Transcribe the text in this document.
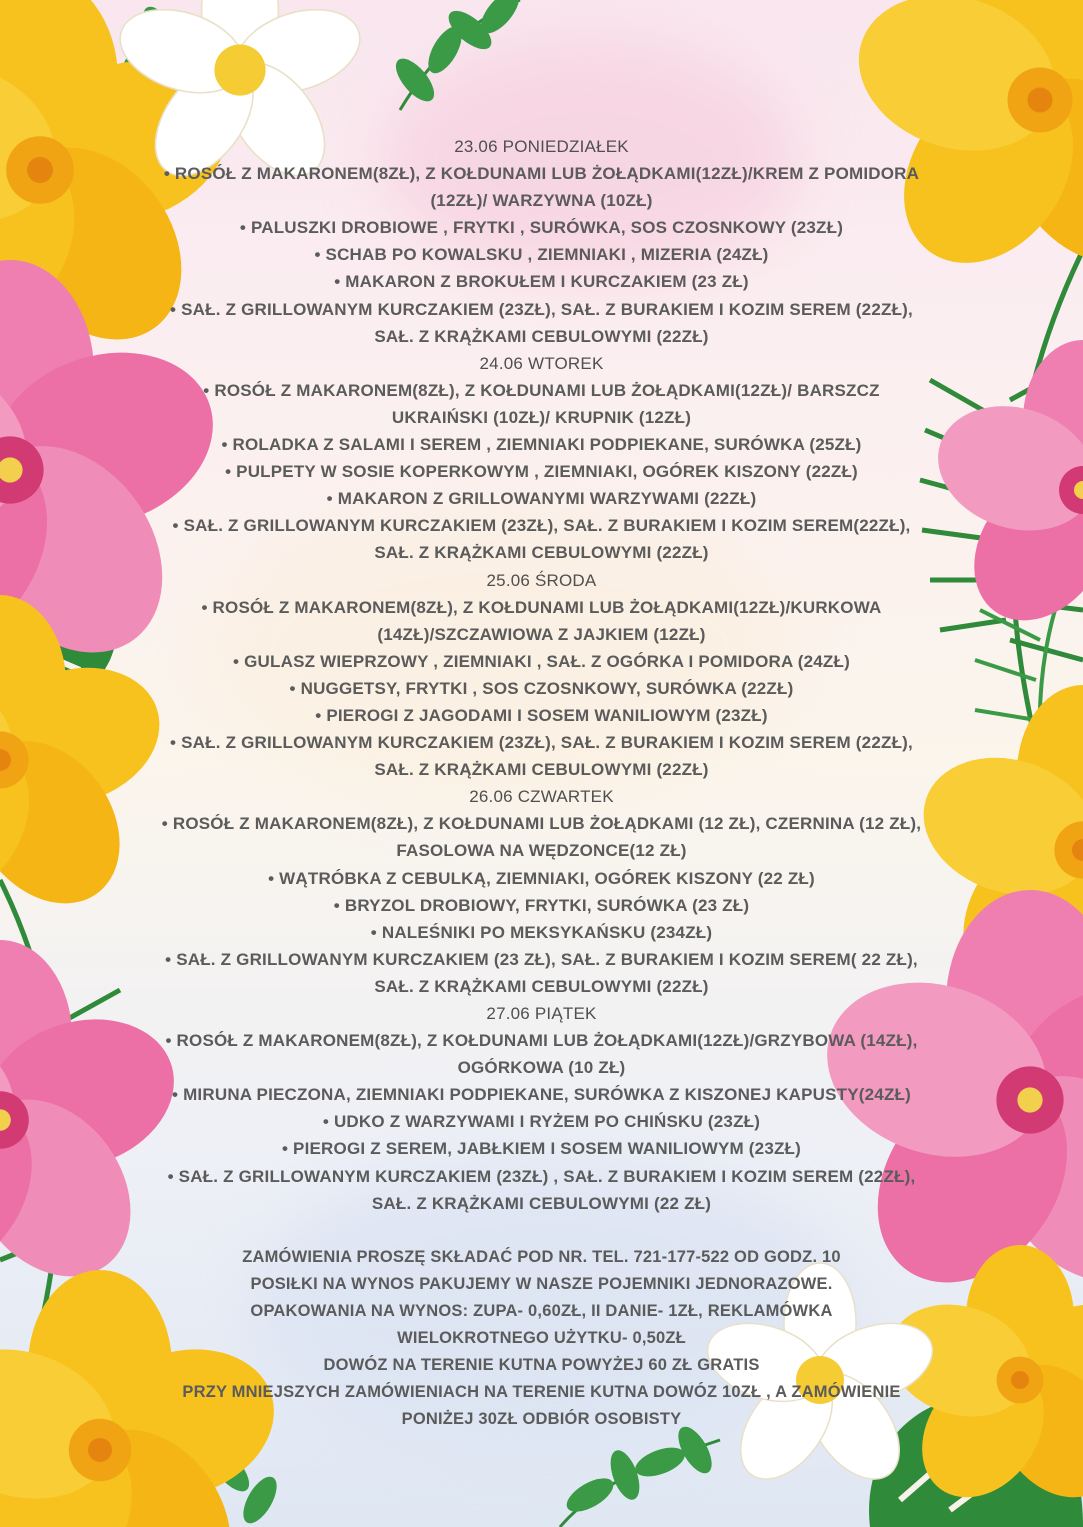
23.06 PONIEDZIAŁEK
• ROSÓŁ Z MAKARONEM(8ZŁ), Z KOŁDUNAMI LUB ŻOŁĄDKAMI(12ZŁ)/KREM Z POMIDORA
(12ZŁ)/ WARZYWNA (10ZŁ)
• PALUSZKI DROBIOWE , FRYTKI , SURÓWKA, SOS CZOSNKOWY (23ZŁ)
• SCHAB PO KOWALSKU , ZIEMNIAKI , MIZERIA (24ZŁ)
• MAKARON Z BROKUŁEM I KURCZAKIEM (23 ZŁ)
• SAŁ. Z GRILLOWANYM KURCZAKIEM (23ZŁ), SAŁ. Z BURAKIEM I KOZIM SEREM (22ZŁ),
SAŁ. Z KRĄŻKAMI CEBULOWYMI (22ZŁ)
24.06 WTOREK
• ROSÓŁ Z MAKARONEM(8ZŁ), Z KOŁDUNAMI LUB ŻOŁĄDKAMI(12ZŁ)/ BARSZCZ
UKRAIŃSKI (10ZŁ)/ KRUPNIK (12ZŁ)
• ROLADKA Z SALAMI I SEREM , ZIEMNIAKI PODPIEKANE, SURÓWKA (25ZŁ)
• PULPETY W SOSIE KOPERKOWYM , ZIEMNIAKI, OGÓREK KISZONY (22ZŁ)
• MAKARON Z GRILLOWANYMI WARZYWAMI (22ZŁ)
• SAŁ. Z GRILLOWANYM KURCZAKIEM (23ZŁ), SAŁ. Z BURAKIEM I KOZIM SEREM(22ZŁ),
SAŁ. Z KRĄŻKAMI CEBULOWYMI (22ZŁ)
25.06 ŚRODA
• ROSÓŁ Z MAKARONEM(8ZŁ), Z KOŁDUNAMI LUB ŻOŁĄDKAMI(12ZŁ)/KURKOWA
(14ZŁ)/SZCZAWIOWA Z JAJKIEM (12ZŁ)
• GULASZ WIEPRZOWY , ZIEMNIAKI , SAŁ. Z OGÓRKA I POMIDORA (24ZŁ)
• NUGGETSY, FRYTKI , SOS CZOSNKOWY, SURÓWKA (22ZŁ)
• PIEROGI Z JAGODAMI I SOSEM WANILIOWYM (23ZŁ)
• SAŁ. Z GRILLOWANYM KURCZAKIEM (23ZŁ), SAŁ. Z BURAKIEM I KOZIM SEREM (22ZŁ),
SAŁ. Z KRĄŻKAMI CEBULOWYMI (22ZŁ)
26.06 CZWARTEK
• ROSÓŁ Z MAKARONEM(8ZŁ), Z KOŁDUNAMI LUB ŻOŁĄDKAMI (12 ZŁ), CZERNINA (12 ZŁ),
FASOLOWA NA WĘDZONCE(12 ZŁ)
• WĄTRÓBKA Z CEBULKĄ, ZIEMNIAKI, OGÓREK KISZONY (22 ZŁ)
• BRYZOL DROBIOWY, FRYTKI, SURÓWKA (23 ZŁ)
• NALEŚNIKI PO MEKSYKAŃSKU (234ZŁ)
• SAŁ. Z GRILLOWANYM KURCZAKIEM (23 ZŁ), SAŁ. Z BURAKIEM I KOZIM SEREM( 22 ZŁ),
SAŁ. Z KRĄŻKAMI CEBULOWYMI (22ZŁ)
27.06 PIĄTEK
• ROSÓŁ Z MAKARONEM(8ZŁ), Z KOŁDUNAMI LUB ŻOŁĄDKAMI(12ZŁ)/GRZYBOWA (14ZŁ),
OGÓRKOWA (10 ZŁ)
• MIRUNA PIECZONA, ZIEMNIAKI PODPIEKANE, SURÓWKA Z KISZONEJ KAPUSTY(24ZŁ)
• UDKO Z WARZYWAMI I RYŻEM PO CHIŃSKU (23ZŁ)
• PIEROGI Z SEREM, JABŁKIEM I SOSEM WANILIOWYM (23ZŁ)
• SAŁ. Z GRILLOWANYM KURCZAKIEM (23ZŁ) , SAŁ. Z BURAKIEM I KOZIM SEREM (22ZŁ),
SAŁ. Z KRĄŻKAMI CEBULOWYMI (22 ZŁ)
ZAMÓWIENIA PROSZĘ SKŁADAĆ POD NR. TEL. 721-177-522 OD GODZ. 10
POSIŁKI NA WYNOS PAKUJEMY W NASZE POJEMNIKI JEDNORAZOWE.
OPAKOWANIA NA WYNOS: ZUPA- 0,60ZŁ, II DANIE- 1ZŁ, REKLAMÓWKA
WIELOKROTNEGO UŻYTKU- 0,50ZŁ
DOWÓZ NA TERENIE KUTNA POWYŻEJ 60 ZŁ GRATIS
PRZY MNIEJSZYCH ZAMÓWIENIACH NA TERENIE KUTNA DOWÓZ 10ZŁ , A ZAMÓWIENIE
PONIŻEJ 30ZŁ ODBIÓR OSOBISTY
